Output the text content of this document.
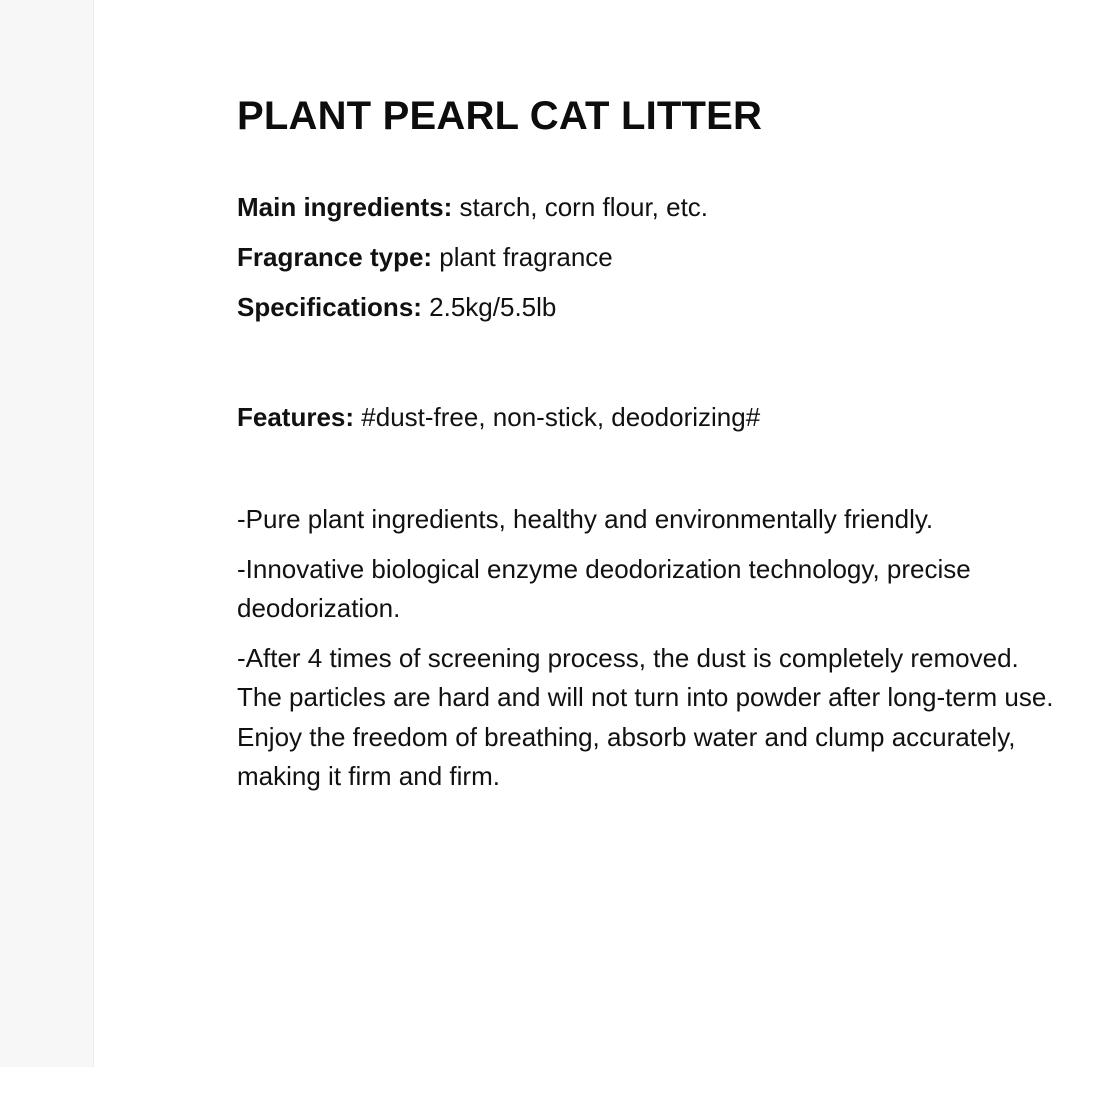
PLANT PEARL CAT LITTER

Main ingredients: starch, corn flour, etc.

Fragrance type: plant fragrance

Specifications: 2.5kg/5.5lb

Features: #dust-free, non-stick, deodorizing#

-Pure plant ingredients, healthy and environmentally friendly.

-Innovative biological enzyme deodorization technology, precise deodorization.

-After 4 times of screening process, the dust is completely removed. The particles are hard and will not turn into powder after long-term use. Enjoy the freedom of breathing, absorb water and clump accurately, making it firm and firm.
